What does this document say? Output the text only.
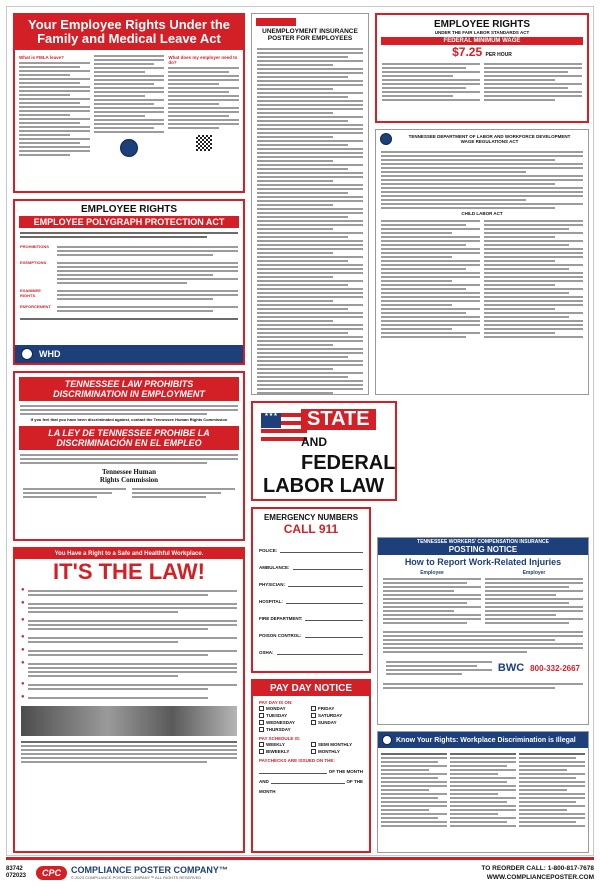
Your Employee Rights Under the
Family and Medical Leave Act
What is FMLA leave?	What does my employer need to do?
UNEMPLOYMENT INSURANCE
POSTER FOR EMPLOYEES
EMPLOYEE RIGHTS
UNDER THE FAIR LABOR STANDARDS ACT
FEDERAL MINIMUM WAGE
$7.25 PER HOUR
TENNESSEE DEPARTMENT OF LABOR AND WORKFORCE DEVELOPMENT
WAGE REGULATIONS ACT
CHILD LABOR ACT
EMPLOYEE RIGHTS
EMPLOYEE POLYGRAPH PROTECTION ACT
PROHIBITIONS
EXEMPTIONS
EXAMINEE RIGHTS
ENFORCEMENT
WHD
TENNESSEE LAW PROHIBITS
DISCRIMINATION IN EMPLOYMENT
If you feel that you have been discriminated against, contact the Tennessee Human Rights Commission
LA LEY DE TENNESSEE PROHIBE LA
DISCRIMINACIÓN EN EL EMPLEO
Tennessee Human
Rights Commission
★★★	STATE
AND
FEDERAL
LABOR LAW
EMERGENCY NUMBERS
CALL 911
POLICE:
AMBULANCE:
PHYSICIAN:
HOSPITAL:
FIRE DEPARTMENT:
POISON CONTROL:
OSHA:
TENNESSEE WORKERS' COMPENSATION INSURANCE
POSTING NOTICE
How to Report Work-Related Injuries
Employee	Employer
BWC 800-332-2667
You Have a Right to a Safe and Healthful Workplace.
IT'S THE LAW!
●
●
●
●
●
●
●
●
PAY DAY NOTICE
PAY DAY IS ON:
MONDAY	FRIDAY
TUESDAY	SATURDAY
WEDNESDAY	SUNDAY
THURSDAY
PAY SCHEDULE IS:
WEEKLY	SEMI MONTHLY
BIWEEKLY	MONTHLY
PAYCHECKS ARE ISSUED ON THE:
OF THE MONTH
AND	OF THE
MONTH
Know Your Rights: Workplace Discrimination is Illegal
83742
072023	CPC	COMPLIANCE POSTER COMPANY™
© 2023 COMPLIANCE POSTER COMPANY™ ALL RIGHTS RESERVED
TO REORDER CALL: 1-800-817-7678
WWW.COMPLIANCEPOSTER.COM
